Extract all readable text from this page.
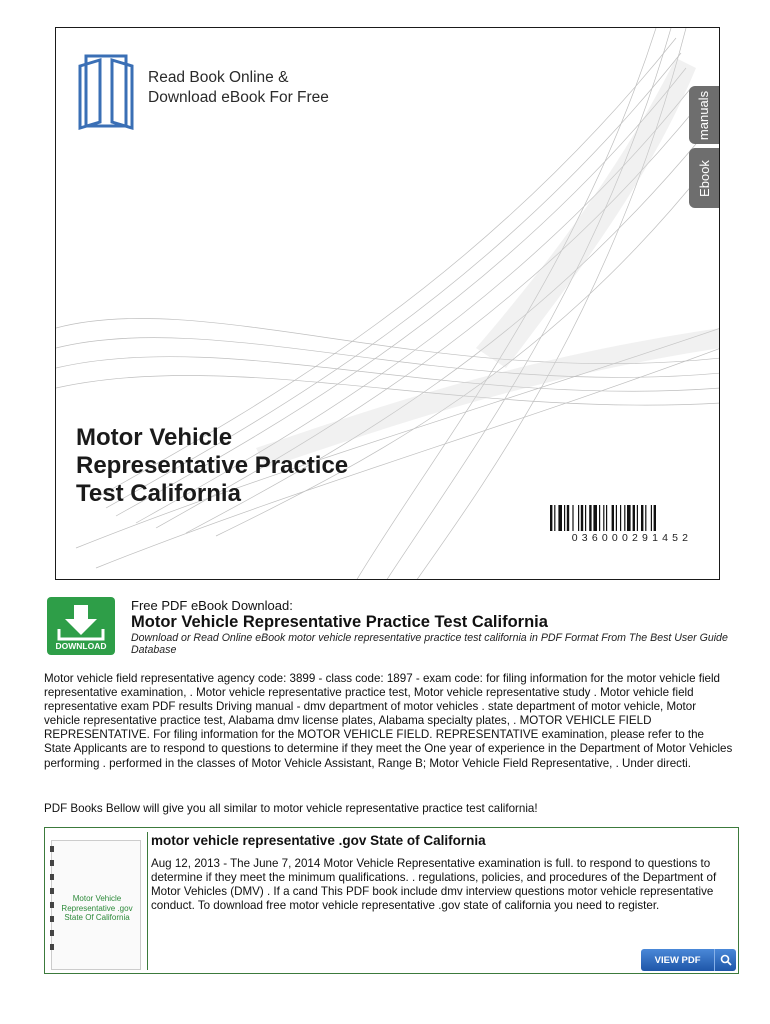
Read Book Online &
Download eBook For Free	manuals
Ebook
Motor Vehicle
Representative Practice
Test California
036000291452
DOWNLOAD
Free PDF eBook Download:
Motor Vehicle Representative Practice Test California
Download or Read Online eBook motor vehicle representative practice test california in PDF Format From The Best User Guide Database
Motor vehicle field representative agency code: 3899 - class code: 1897 - exam code: for filing information for the motor vehicle field representative examination, . Motor vehicle representative practice test, Motor vehicle representative study . Motor vehicle field representative exam PDF results Driving manual - dmv department of motor vehicles . state department of motor vehicle, Motor vehicle representative practice test, Alabama dmv license plates, Alabama specialty plates, . MOTOR VEHICLE FIELD REPRESENTATIVE. For filing information for the MOTOR VEHICLE FIELD. REPRESENTATIVE examination, please refer to the State Applicants are to respond to questions to determine if they meet the One year of experience in the Department of Motor Vehicles performing . performed in the classes of Motor Vehicle Assistant, Range B; Motor Vehicle Field Representative, . Under directi.
PDF Books Bellow will give you all similar to motor vehicle representative practice test california!
Motor Vehicle Representative .gov State Of California
motor vehicle representative .gov State of California
Aug 12, 2013 - The June 7, 2014 Motor Vehicle Representative examination is full. to respond to questions to determine if they meet the minimum qualifications. . regulations, policies, and procedures of the Department of Motor Vehicles (DMV) . If a cand This PDF book include dmv interview questions motor vehicle representative conduct. To download free motor vehicle representative .gov state of california you need to register.
VIEW PDF
